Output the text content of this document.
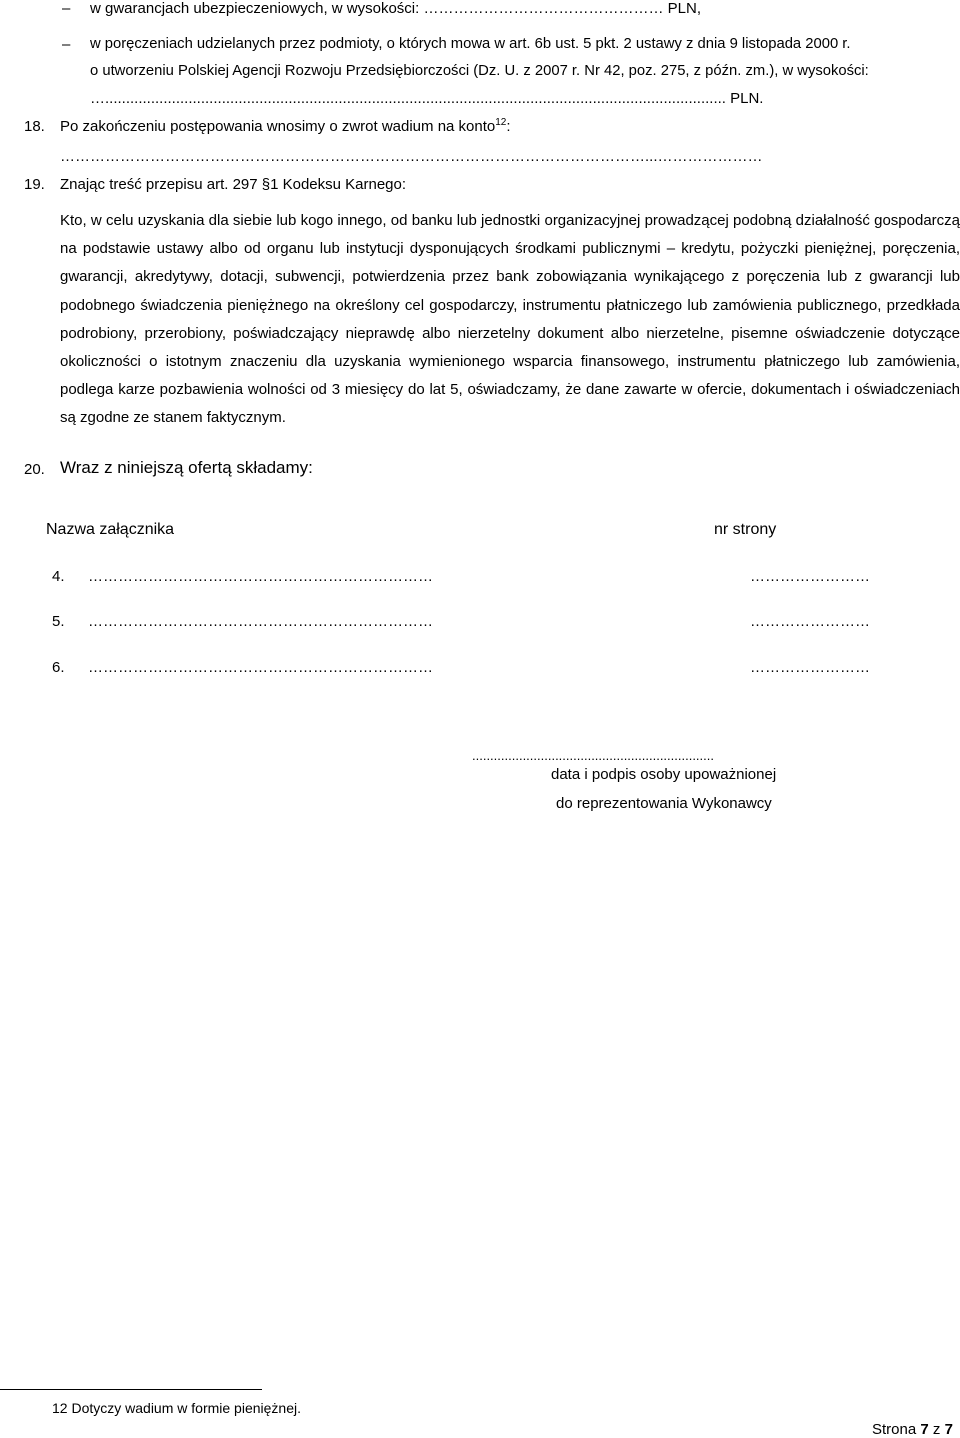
– w gwarancjach ubezpieczeniowych, w wysokości: ………………………………………… PLN,
– w poręczeniach udzielanych przez podmioty, o których mowa w art. 6b ust. 5 pkt. 2 ustawy z dnia 9 listopada 2000 r.
o utworzeniu Polskiej Agencji Rozwoju Przedsiębiorczości (Dz. U. z 2007 r. Nr 42, poz. 275, z późn. zm.), w wysokości:
…..................................................................................................................................................... PLN.
18. Po zakończeniu postępowania wnosimy o zwrot wadium na konto$^{12}$:
………………………………………………………………………………………………………...…………………
19. Znając treść przepisu art. 297 §1 Kodeksu Karnego:
Kto, w celu uzyskania dla siebie lub kogo innego, od banku lub jednostki organizacyjnej prowadzącej podobną działalność gospodarczą na podstawie ustawy albo od organu lub instytucji dysponujących środkami publicznymi – kredytu, pożyczki pieniężnej, poręczenia, gwarancji, akredytywy, dotacji, subwencji, potwierdzenia przez bank zobowiązania wynikającego z poręczenia lub z gwarancji lub podobnego świadczenia pieniężnego na określony cel gospodarczy, instrumentu płatniczego lub zamówienia publicznego, przedkłada podrobiony, przerobiony, poświadczający nieprawdę albo nierzetelny dokument albo nierzetelne, pisemne oświadczenie dotyczące okoliczności o istotnym znaczeniu dla uzyskania wymienionego wsparcia finansowego, instrumentu płatniczego lub zamówienia, podlega karze pozbawienia wolności od 3 miesięcy do lat 5, oświadczamy, że dane zawarte w ofercie, dokumentach i oświadczeniach są zgodne ze stanem faktycznym.
20. Wraz z niniejszą ofertą składamy:
Nazwa załącznika	nr strony
4. ……………………………………………………………	……………………
5. ……………………………………………………………	……………………
6. ……………………………………………………………	……………………
...................................................................
data i podpis osoby upoważnionej
do reprezentowania Wykonawcy
12 Dotyczy wadium w formie pieniężnej.
Strona 7 z 7
